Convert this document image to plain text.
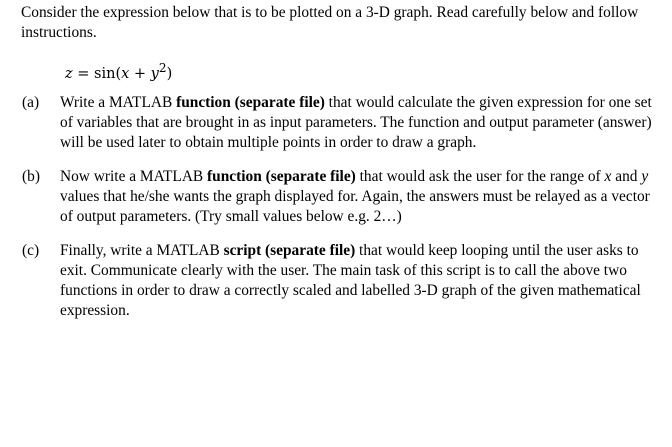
Consider the expression below that is to be plotted on a 3-D graph. Read carefully below and follow instructions.

$z = \sin(x + y^2)$
(a)	Write a MATLAB function (separate file) that would calculate the given expression for one set of variables that are brought in as input parameters. The function and output parameter (answer) will be used later to obtain multiple points in order to draw a graph.
(b)	Now write a MATLAB function (separate file) that would ask the user for the range of x and y values that he/she wants the graph displayed for. Again, the answers must be relayed as a vector of output parameters. (Try small values below e.g. 2…)
(c)	Finally, write a MATLAB script (separate file) that would keep looping until the user asks to exit. Communicate clearly with the user. The main task of this script is to call the above two functions in order to draw a correctly scaled and labelled 3-D graph of the given mathematical expression.
